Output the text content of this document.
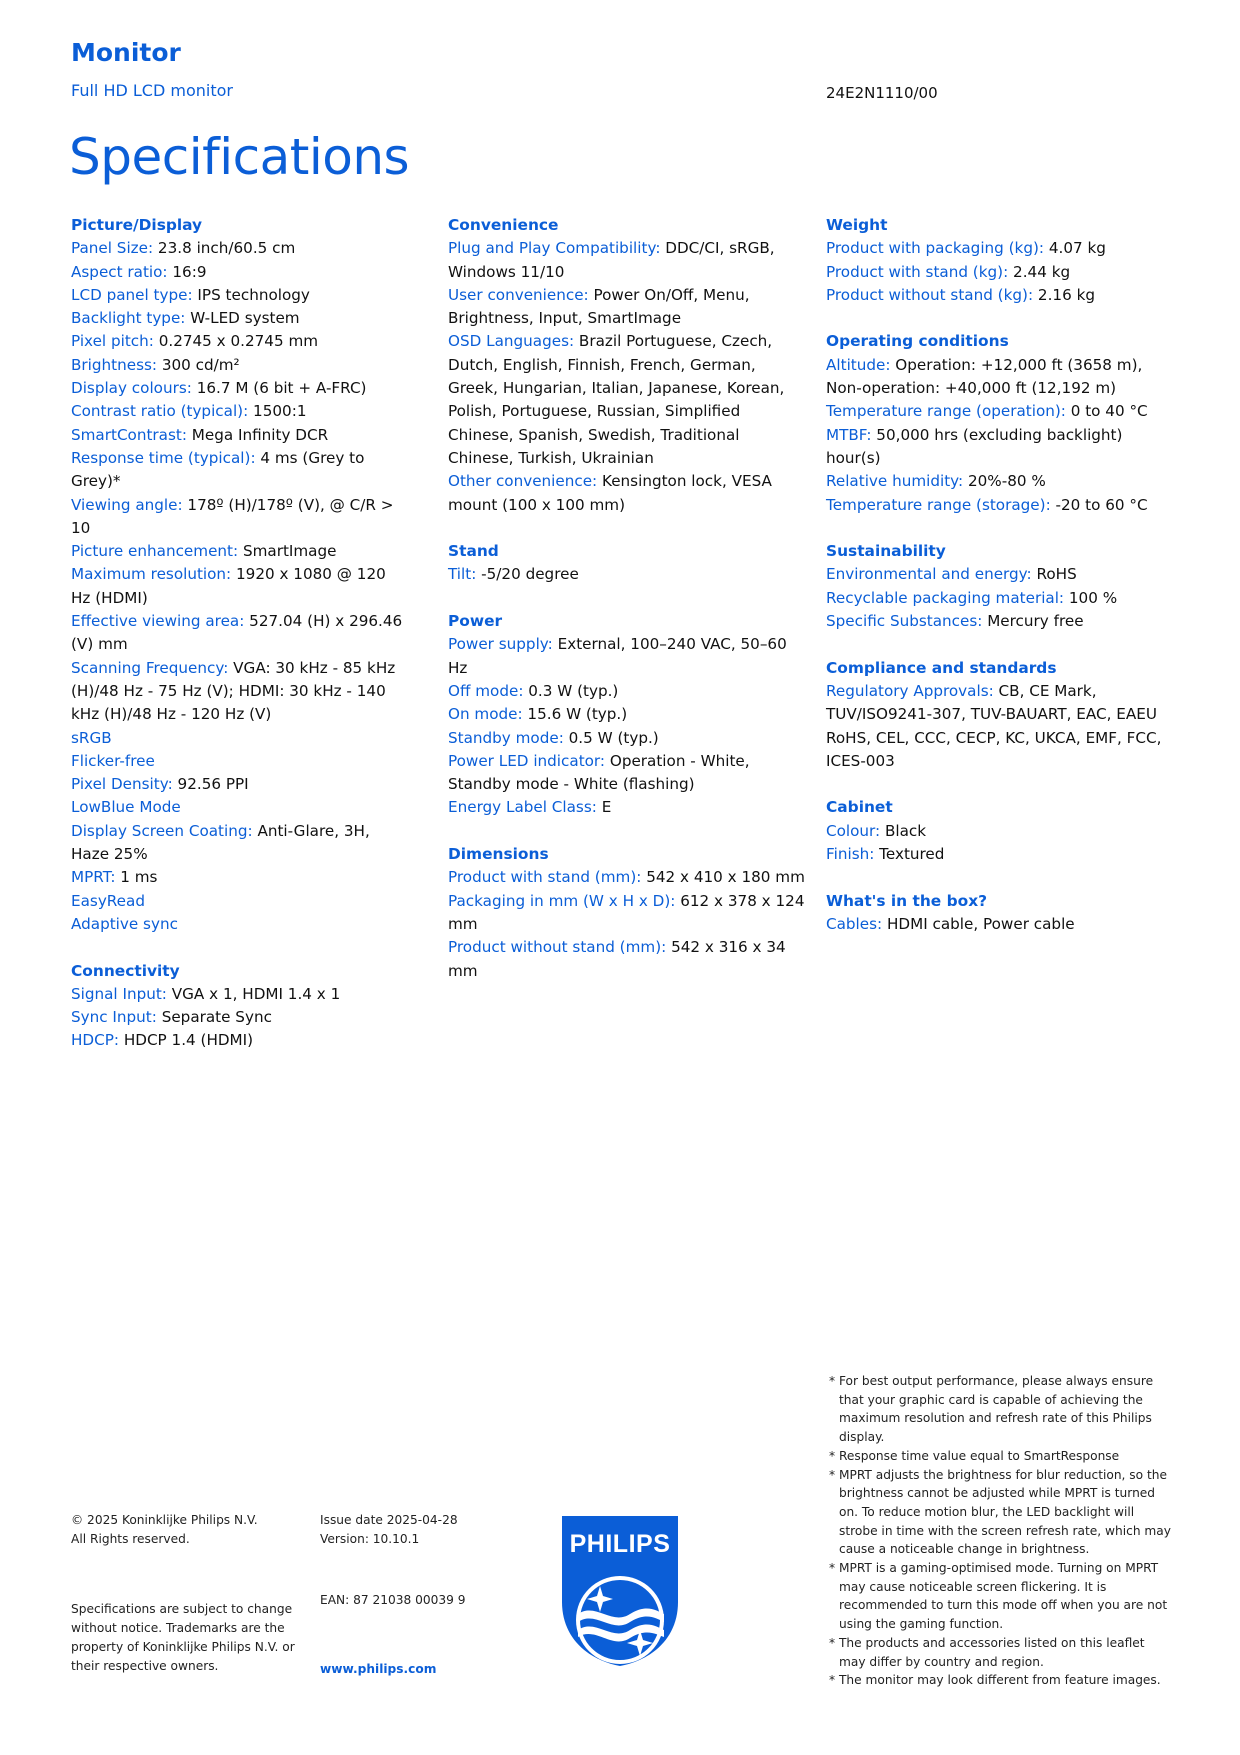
Monitor
Full HD LCD monitor	24E2N1110/00
Specifications
Picture/Display
Panel Size: 23.8 inch/60.5 cm
Aspect ratio: 16:9
LCD panel type: IPS technology
Backlight type: W-LED system
Pixel pitch: 0.2745 x 0.2745 mm
Brightness: 300 cd/m²
Display colours: 16.7 M (6 bit + A-FRC)
Contrast ratio (typical): 1500:1
SmartContrast: Mega Infinity DCR
Response time (typical): 4 ms (Grey to Grey)*
Viewing angle: 178º (H)/178º (V), @ C/R > 10
Picture enhancement: SmartImage
Maximum resolution: 1920 x 1080 @ 120 Hz (HDMI)
Effective viewing area: 527.04 (H) x 296.46 (V) mm
Scanning Frequency: VGA: 30 kHz - 85 kHz (H)/48 Hz - 75 Hz (V); HDMI: 30 kHz - 140 kHz (H)/48 Hz - 120 Hz (V)
sRGB
Flicker-free
Pixel Density: 92.56 PPI
LowBlue Mode
Display Screen Coating: Anti-Glare, 3H, Haze 25%
MPRT: 1 ms
EasyRead
Adaptive sync
Connectivity
Signal Input: VGA x 1, HDMI 1.4 x 1
Sync Input: Separate Sync
HDCP: HDCP 1.4 (HDMI)
Convenience
Plug and Play Compatibility: DDC/CI, sRGB, Windows 11/10
User convenience: Power On/Off, Menu, Brightness, Input, SmartImage
OSD Languages: Brazil Portuguese, Czech, Dutch, English, Finnish, French, German, Greek, Hungarian, Italian, Japanese, Korean, Polish, Portuguese, Russian, Simplified Chinese, Spanish, Swedish, Traditional Chinese, Turkish, Ukrainian
Other convenience: Kensington lock, VESA mount (100 x 100 mm)
Stand
Tilt: -5/20 degree
Power
Power supply: External, 100–240 VAC, 50–60 Hz
Off mode: 0.3 W (typ.)
On mode: 15.6 W (typ.)
Standby mode: 0.5 W (typ.)
Power LED indicator: Operation - White, Standby mode - White (flashing)
Energy Label Class: E
Dimensions
Product with stand (mm): 542 x 410 x 180 mm
Packaging in mm (W x H x D): 612 x 378 x 124 mm
Product without stand (mm): 542 x 316 x 34 mm
Weight
Product with packaging (kg): 4.07 kg
Product with stand (kg): 2.44 kg
Product without stand (kg): 2.16 kg
Operating conditions
Altitude: Operation: +12,000 ft (3658 m), Non-operation: +40,000 ft (12,192 m)
Temperature range (operation): 0 to 40 °C
MTBF: 50,000 hrs (excluding backlight) hour(s)
Relative humidity: 20%-80 %
Temperature range (storage): -20 to 60 °C
Sustainability
Environmental and energy: RoHS
Recyclable packaging material: 100 %
Specific Substances: Mercury free
Compliance and standards
Regulatory Approvals: CB, CE Mark, TUV/ISO9241-307, TUV-BAUART, EAC, EAEU RoHS, CEL, CCC, CECP, KC, UKCA, EMF, FCC, ICES-003
Cabinet
Colour: Black
Finish: Textured
What's in the box?
Cables: HDMI cable, Power cable
© 2025 Koninklijke Philips N.V.
All Rights reserved.
Specifications are subject to change without notice. Trademarks are the property of Koninklijke Philips N.V. or their respective owners.
Issue date 2025-04-28
Version: 10.10.1
EAN: 87 21038 00039 9
www.philips.com
PHILIPS
* For best output performance, please always ensure that your graphic card is capable of achieving the maximum resolution and refresh rate of this Philips display.
* Response time value equal to SmartResponse
* MPRT adjusts the brightness for blur reduction, so the brightness cannot be adjusted while MPRT is turned on. To reduce motion blur, the LED backlight will strobe in time with the screen refresh rate, which may cause a noticeable change in brightness.
* MPRT is a gaming-optimised mode. Turning on MPRT may cause noticeable screen flickering. It is recommended to turn this mode off when you are not using the gaming function.
* The products and accessories listed on this leaflet may differ by country and region.
* The monitor may look different from feature images.
